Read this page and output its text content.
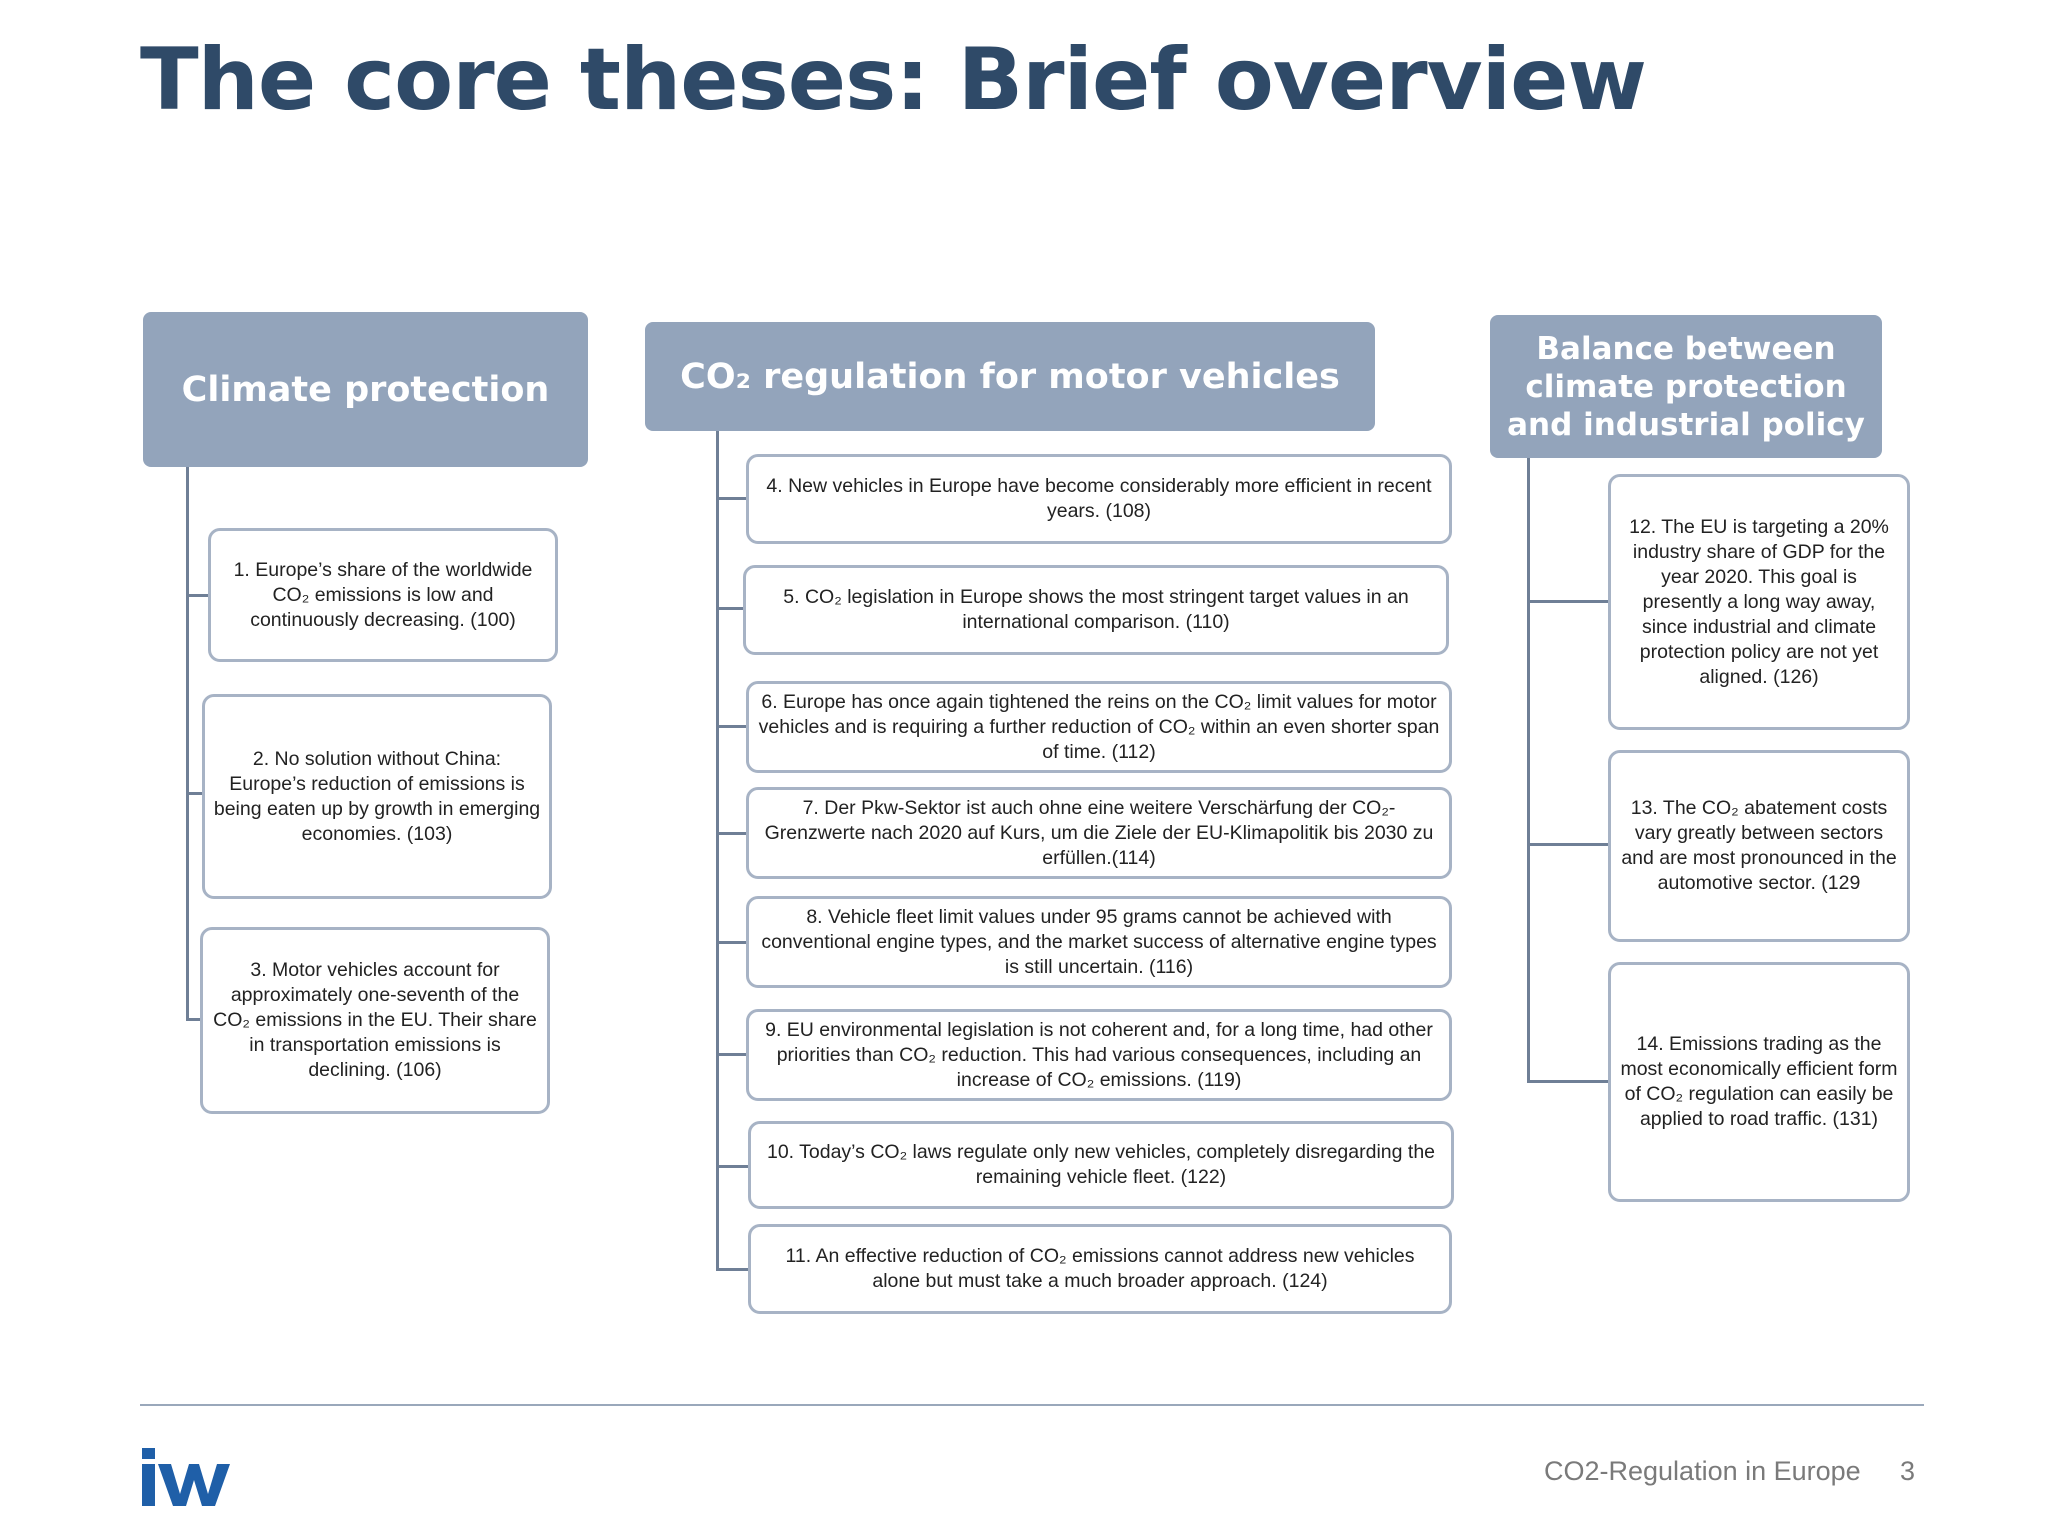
The core theses: Brief overview
Climate protection
1. Europe’s share of the worldwide CO₂ emissions is low and continuously decreasing. (100)
2. No solution without China: Europe’s reduction of emissions is being eaten up by growth in emerging economies. (103)
3. Motor vehicles account for approximately one-seventh of the CO₂ emissions in the EU. Their share in transportation emissions is declining. (106)
CO₂ regulation for motor vehicles
4. New vehicles in Europe have become considerably more efficient in recent years. (108)
5. CO₂ legislation in Europe shows the most stringent target values in an international comparison. (110)
6. Europe has once again tightened the reins on the CO₂ limit values for motor vehicles and is requiring a further reduction of CO₂ within an even shorter span of time. (112)
7. Der Pkw-Sektor ist auch ohne eine weitere Verschärfung der CO₂-Grenzwerte nach 2020 auf Kurs, um die Ziele der EU-Klimapolitik bis 2030 zu erfüllen.(114)
8. Vehicle fleet limit values under 95 grams cannot be achieved with conventional engine types, and the market success of alternative engine types is still uncertain. (116)
9. EU environmental legislation is not coherent and, for a long time, had other priorities than CO₂ reduction. This had various consequences, including an increase of CO₂ emissions. (119)
10. Today’s CO₂ laws regulate only new vehicles, completely disregarding the remaining vehicle fleet. (122)
11. An effective reduction of CO₂ emissions cannot address new vehicles alone but must take a much broader approach. (124)
Balance between climate protection and industrial policy
12. The EU is targeting a 20% industry share of GDP for the year 2020. This goal is presently a long way away, since industrial and climate protection policy are not yet aligned. (126)
13. The CO₂ abatement costs vary greatly between sectors and are most pronounced in the automotive sector. (129
14. Emissions trading as the most economically efficient form of CO₂ regulation can easily be applied to road traffic. (131)
CO2-Regulation in Europe 3
